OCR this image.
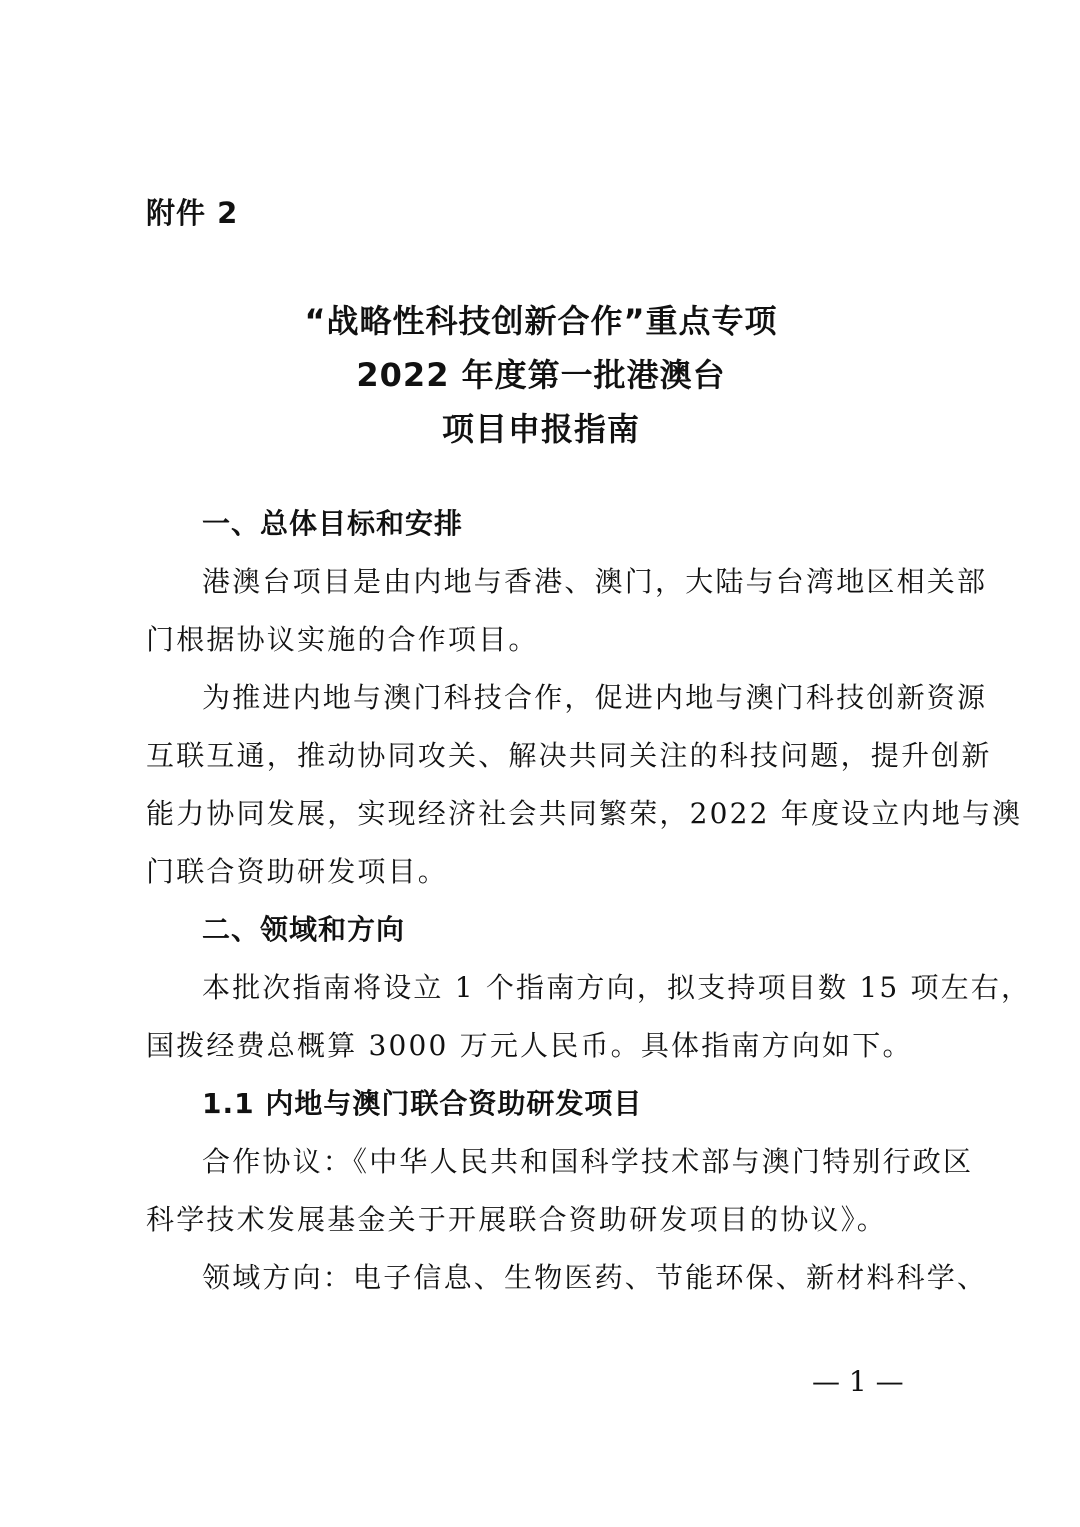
附件 2
“战略性科技创新合作”重点专项
2022 年度第一批港澳台
项目申报指南
一、总体目标和安排
港澳台项目是由内地与香港、澳门，大陆与台湾地区相关部
门根据协议实施的合作项目。
为推进内地与澳门科技合作，促进内地与澳门科技创新资源
互联互通，推动协同攻关、解决共同关注的科技问题，提升创新
能力协同发展，实现经济社会共同繁荣，2022 年度设立内地与澳
门联合资助研发项目。
二、领域和方向
本批次指南将设立 1 个指南方向，拟支持项目数 15 项左右，
国拨经费总概算 3000 万元人民币。具体指南方向如下。
1.1 内地与澳门联合资助研发项目
合作协议：《中华人民共和国科学技术部与澳门特别行政区
科学技术发展基金关于开展联合资助研发项目的协议》。
领域方向：电子信息、生物医药、节能环保、新材料科学、
— 1 —
